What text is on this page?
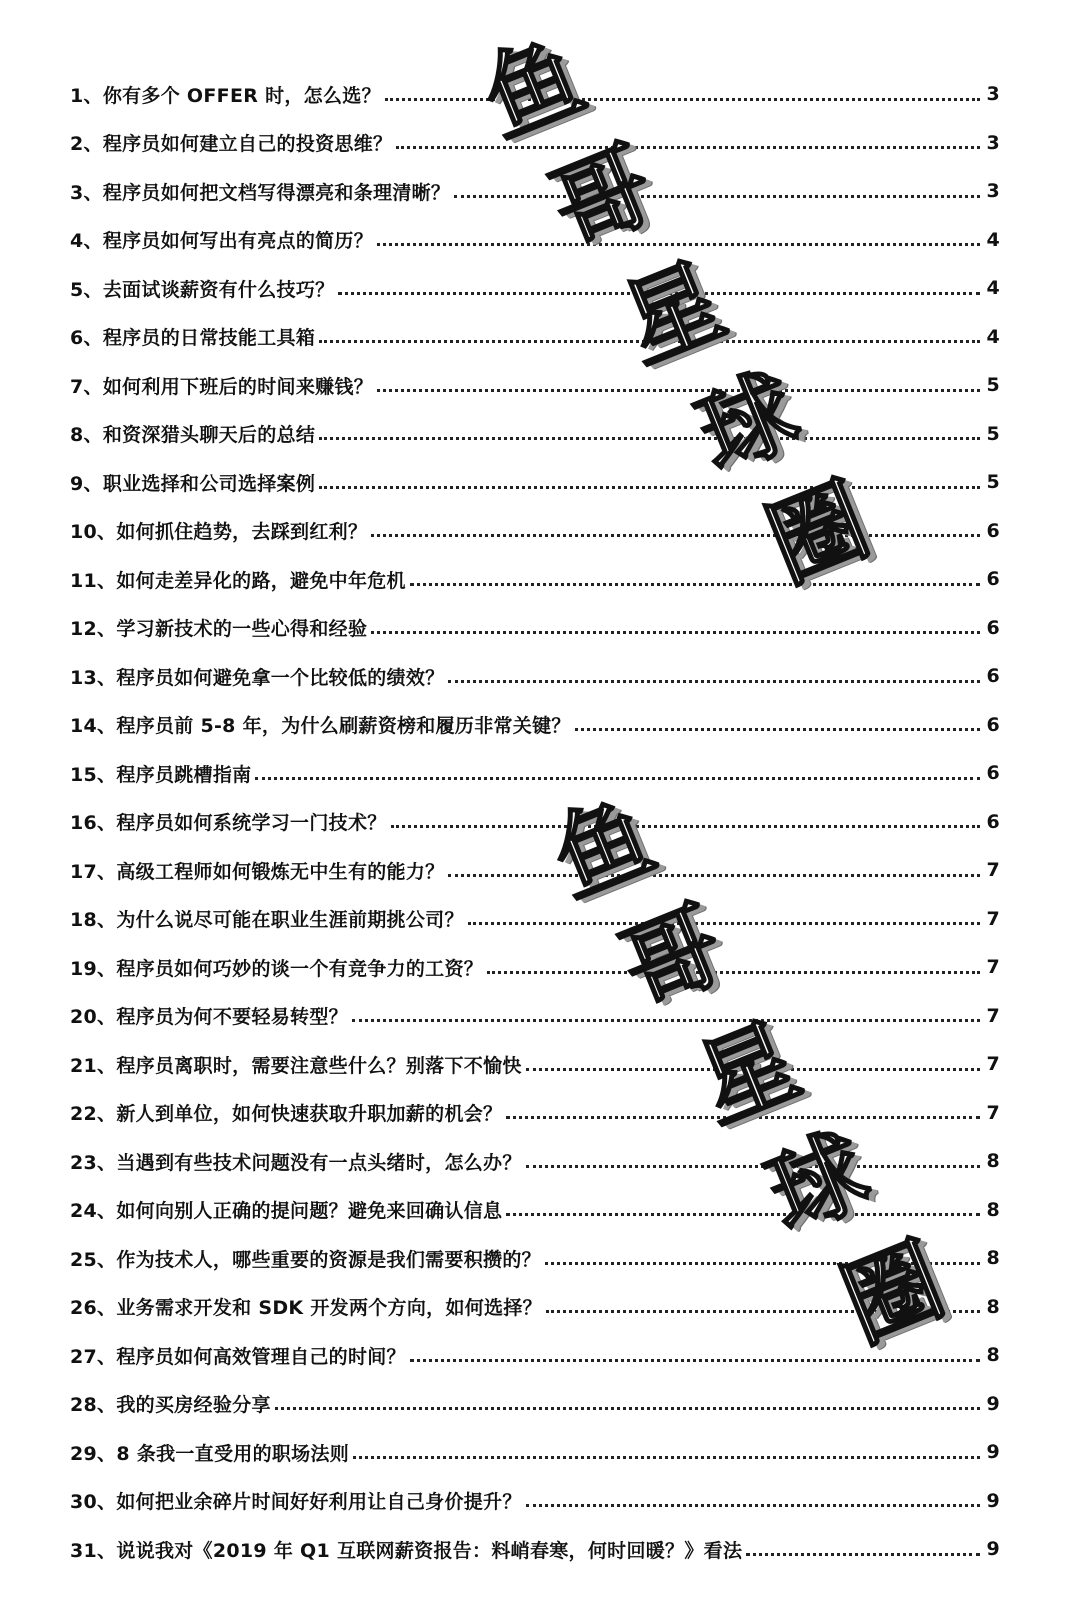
1、你有多个 OFFER 时，怎么选？	3
2、程序员如何建立自己的投资思维？	3
3、程序员如何把文档写得漂亮和条理清晰？	3
4、程序员如何写出有亮点的简历？	4
5、去面试谈薪资有什么技巧？	4
6、程序员的日常技能工具箱	4
7、如何利用下班后的时间来赚钱？	5
8、和资深猎头聊天后的总结	5
9、职业选择和公司选择案例	5
10、如何抓住趋势，去踩到红利？	6
11、如何走差异化的路，避免中年危机	6
12、学习新技术的一些心得和经验	6
13、程序员如何避免拿一个比较低的绩效？	6
14、程序员前 5-8 年，为什么刷薪资榜和履历非常关键？	6
15、程序员跳槽指南	6
16、程序员如何系统学习一门技术？	6
17、高级工程师如何锻炼无中生有的能力？	7
18、为什么说尽可能在职业生涯前期挑公司？	7
19、程序员如何巧妙的谈一个有竞争力的工资？	7
20、程序员为何不要轻易转型？	7
21、程序员离职时，需要注意些什么？别落下不愉快	7
22、新人到单位，如何快速获取升职加薪的机会？	7
23、当遇到有些技术问题没有一点头绪时，怎么办？	8
24、如何向别人正确的提问题？避免来回确认信息	8
25、作为技术人，哪些重要的资源是我们需要积攒的？	8
26、业务需求开发和 SDK 开发两个方向，如何选择？	8
27、程序员如何高效管理自己的时间？	8
28、我的买房经验分享	9
29、8 条我一直受用的职场法则	9
30、如何把业余碎片时间好好利用让自己身价提升？	9
31、说说我对《2019 年 Q1 互联网薪资报告：料峭春寒，何时回暖？》看法	9
鱼
哥
星
球
圈
鱼
哥
星
球
圈
